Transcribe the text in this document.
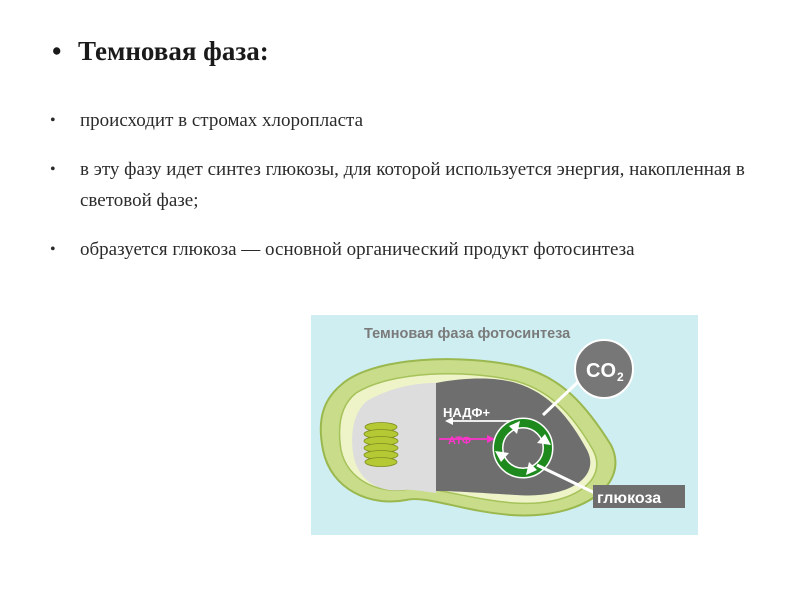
• Темновая фаза:
• происходит в стромах хлоропласта
• в эту фазу идет синтез глюкозы, для которой используется энергия, накопленная в световой фазе;
• образуется глюкоза — основной органический продукт фотосинтеза
Темновая фаза фотосинтеза
НАДФ+
АТФ
CO 2
глюкоза
